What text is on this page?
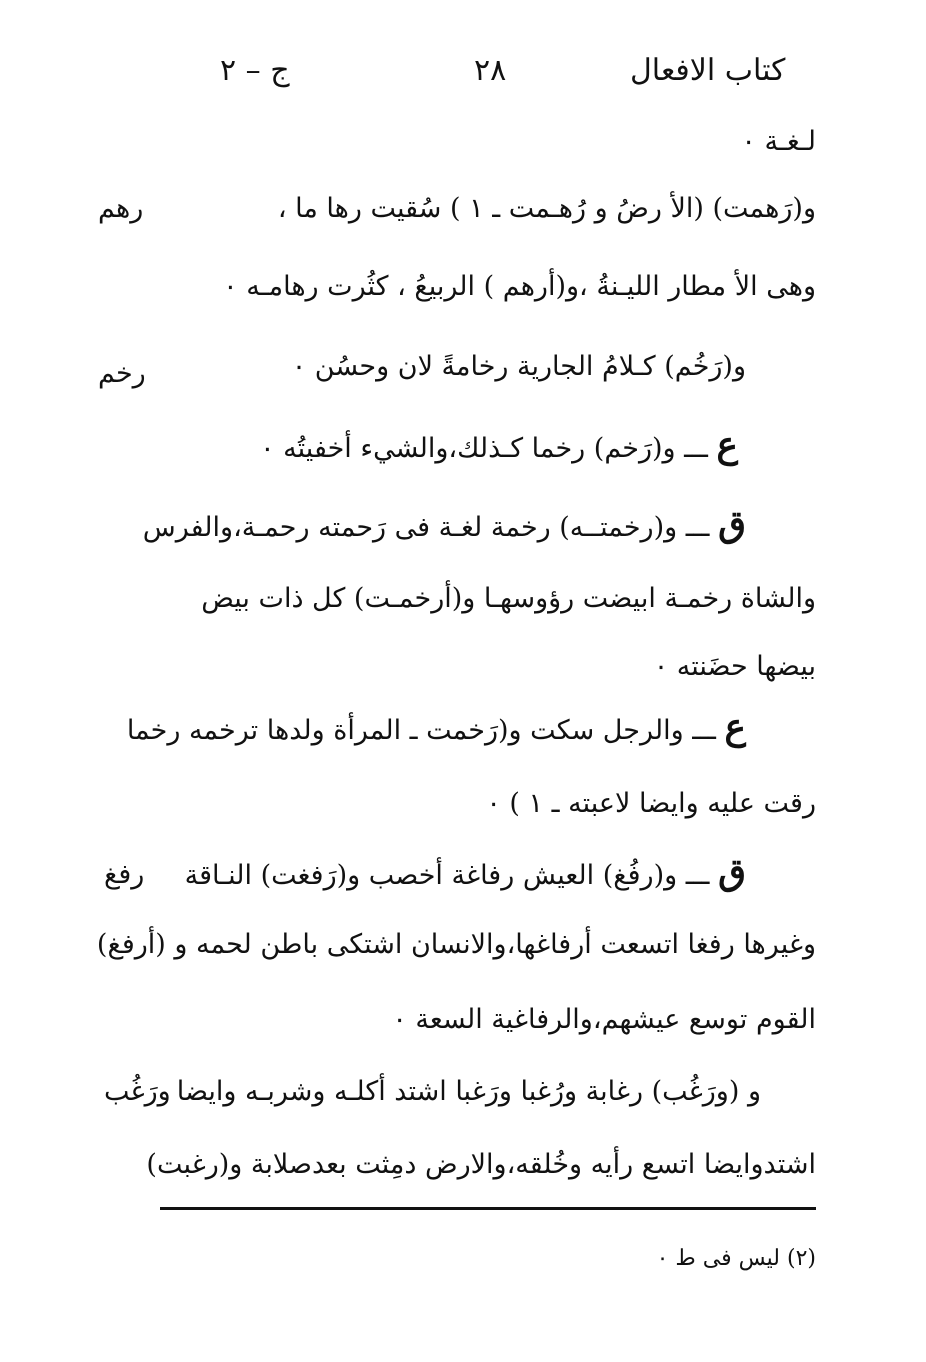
كتاب الافعال
٢٨
ج – ٢
لـغـة ٠
و(رَهمت) (الأ رضُ و رُهـمت ـ ١ ) سُقيت رها ما ،
رهم
وهى الأ مطار الليـنةُ ،و(أرهم ) الربيعُ ، كثُرت رهامـه ٠
و(رَخُم) كـلامُ الجارية رخامةً لان وحسُن ٠
رخم
ع ـــ و(رَخم) رخما كـذلك،والشيء أخفيتُه ٠
ق ـــ و(رخمتــه) رخمة لغـة فى رَحمته رحمـة،والفرس
والشاة رخمـة ابيضت رؤوسهـا و(أرخمـت) كل ذات بيض
بيضها حضَنته ٠
ع ـــ والرجل سكت و(رَخمت ـ المرأة ولدها ترخمه رخما
رقت عليه وايضا لاعبته ـ ١ ) ٠
ق ـــ و(رفُغ) العيش رفاغة أخصب و(رَفغت) النـاقة
رفغ
وغيرها رفغا اتسعت أرفاغها،والانسان اشتكى باطن لحمه و (أرفغ)
القوم توسع عيشهم،والرفاغية السعة ٠
و (ورَغُب) رغابة ورُغبا ورَغبا اشتد أكلـه وشربـه وايضا
ورَغُب
اشتدوايضا اتسع رأيه وخُلقه،والارض دمِثت بعدصلابة و(رغبت)
(٢) ليس فى ط ٠
